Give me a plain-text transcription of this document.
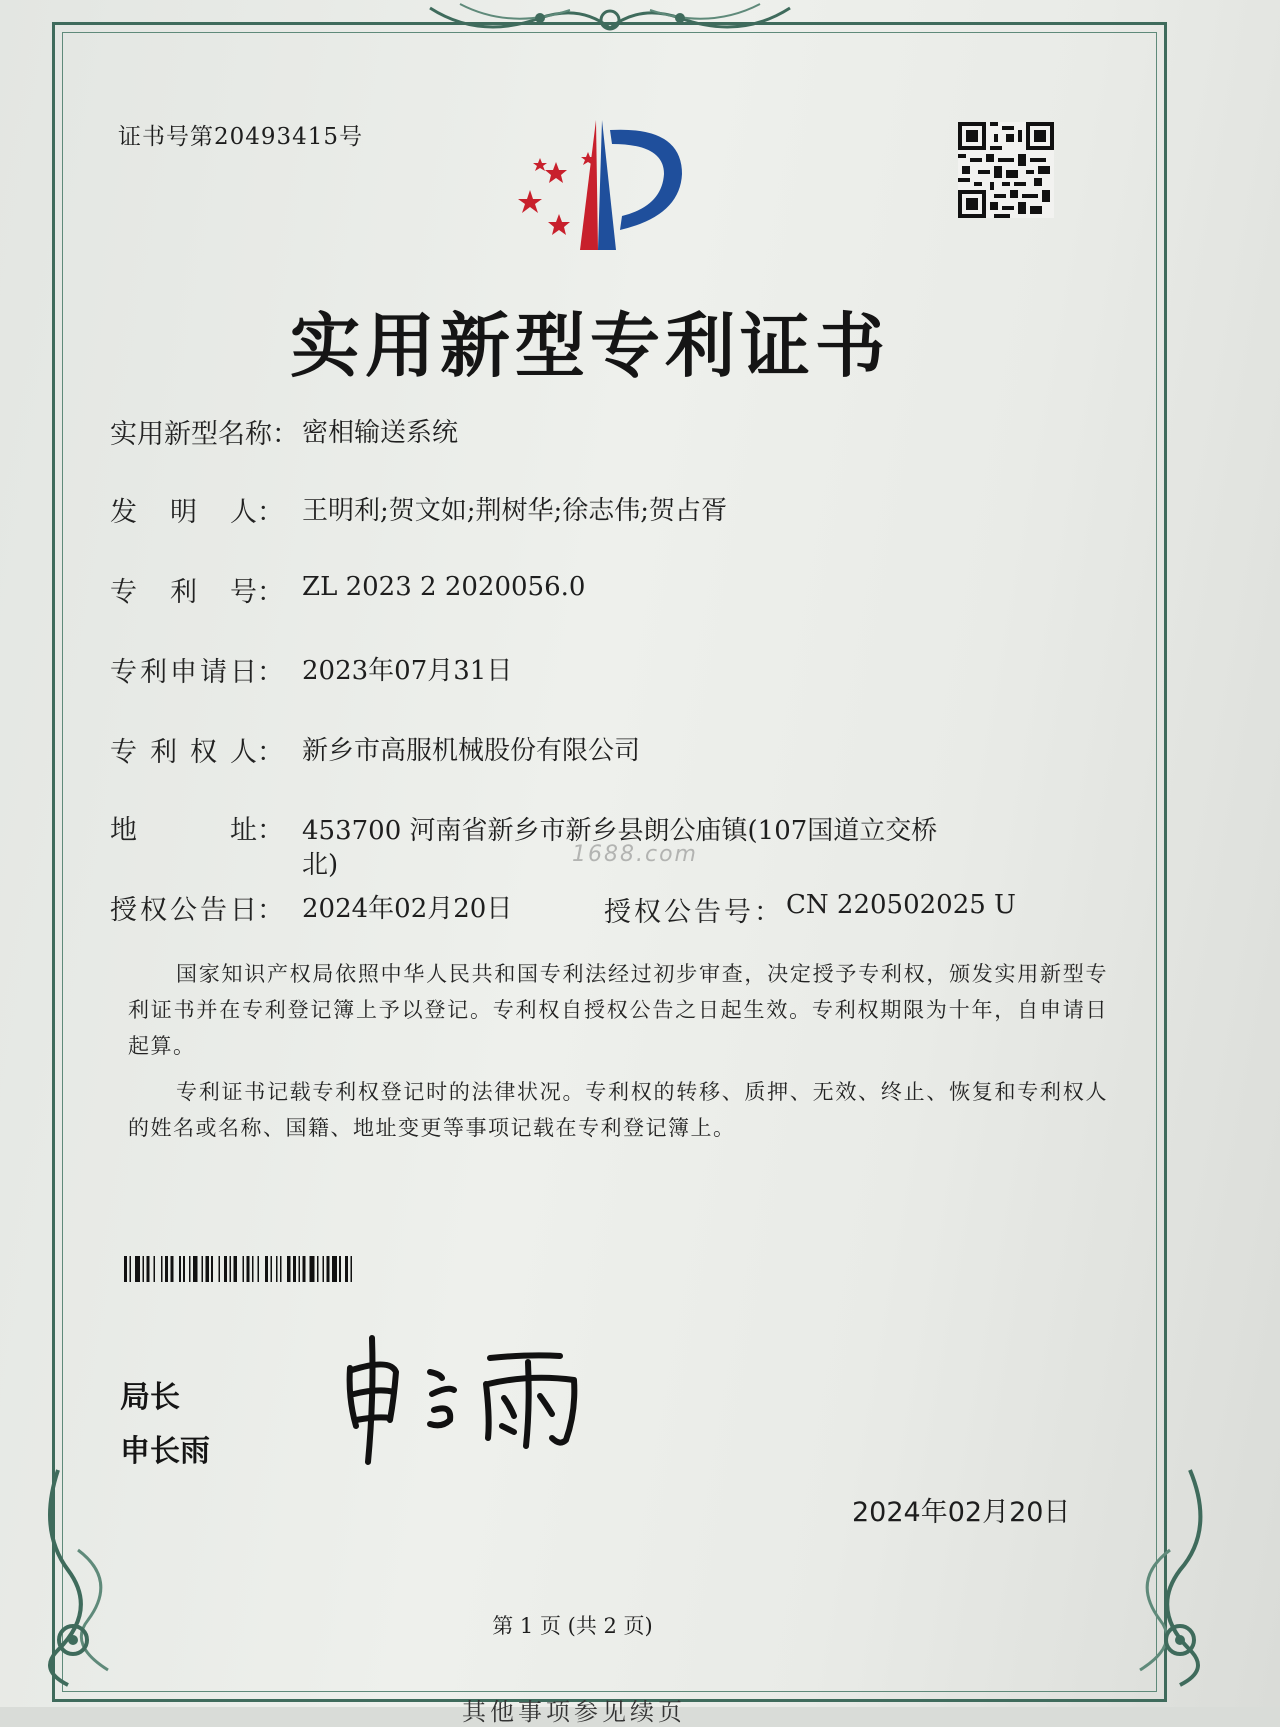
证书号第20493415号
实用新型专利证书
实用新型名称： 密相输送系统
发 明 人： 王明利;贺文如;荆树华;徐志伟;贺占胥
专 利 号： ZL 2023 2 2020056.0
专 利 申 请 日： 2023年07月31日
专 利 权 人： 新乡市高服机械股份有限公司
地	址： 453700 河南省新乡市新乡县朗公庙镇(107国道立交桥
北)	1688.com
授 权 公 告 日： 2024年02月20日	授权公告号： CN 220502025 U
国家知识产权局依照中华人民共和国专利法经过初步审查，决定授予专利权，颁发实用新型专利证书并在专利登记簿上予以登记。专利权自授权公告之日起生效。专利权期限为十年，自申请日起算。
专利证书记载专利权登记时的法律状况。专利权的转移、质押、无效、终止、恢复和专利权人的姓名或名称、国籍、地址变更等事项记载在专利登记簿上。
局长
申长雨
2024年02月20日
第 1 页 (共 2 页)
其他事项参见续页
